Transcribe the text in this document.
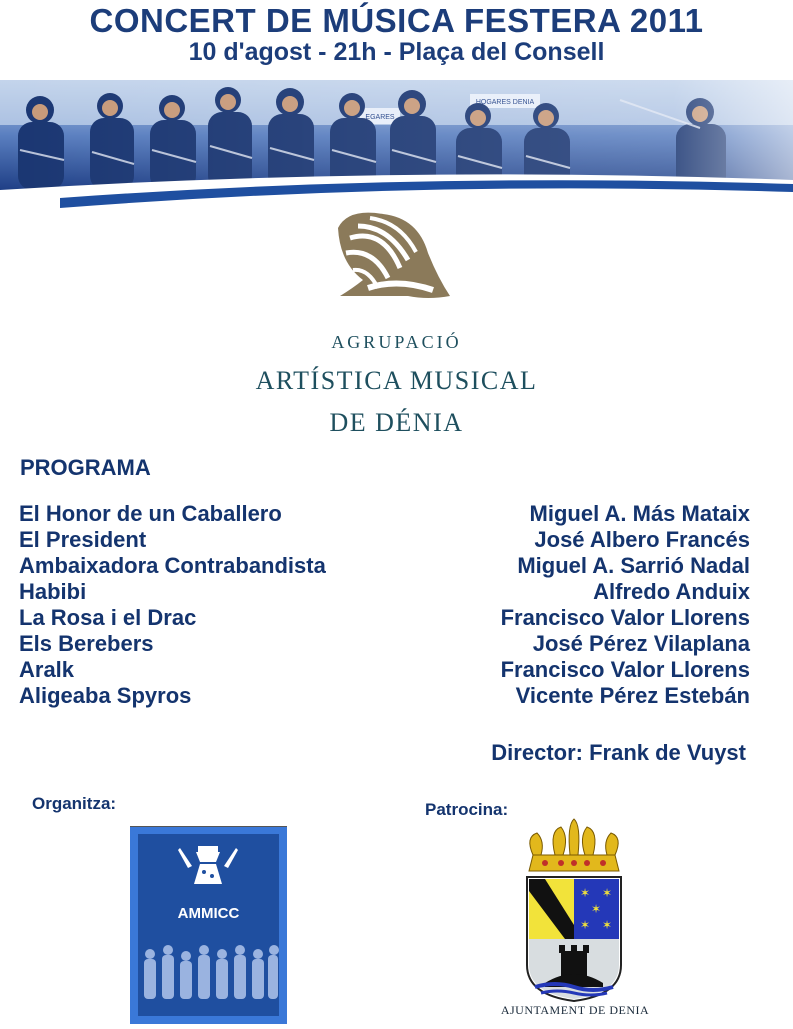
CONCERT DE MÚSICA FESTERA 2011
10 d'agost - 21h - Plaça del Consell
AGRUPACIÓ
ARTÍSTICA MUSICAL
DE DÉNIA
PROGRAMA
El Honor de un Caballero
El President
Ambaixadora Contrabandista
Habibi
La Rosa i el Drac
Els Berebers
Aralk
Aligeaba Spyros
Miguel A. Más Mataix
José Albero Francés
Miguel A. Sarrió Nadal
Alfredo Anduix
Francisco Valor Llorens
José Pérez Vilaplana
Francisco Valor Llorens
Vicente Pérez Estebán
Director: Frank de Vuyst
Organitza:	Patrocina:
AMMICC
✶ ✶
✶
✶ ✶
AJUNTAMENT DE DENIA
